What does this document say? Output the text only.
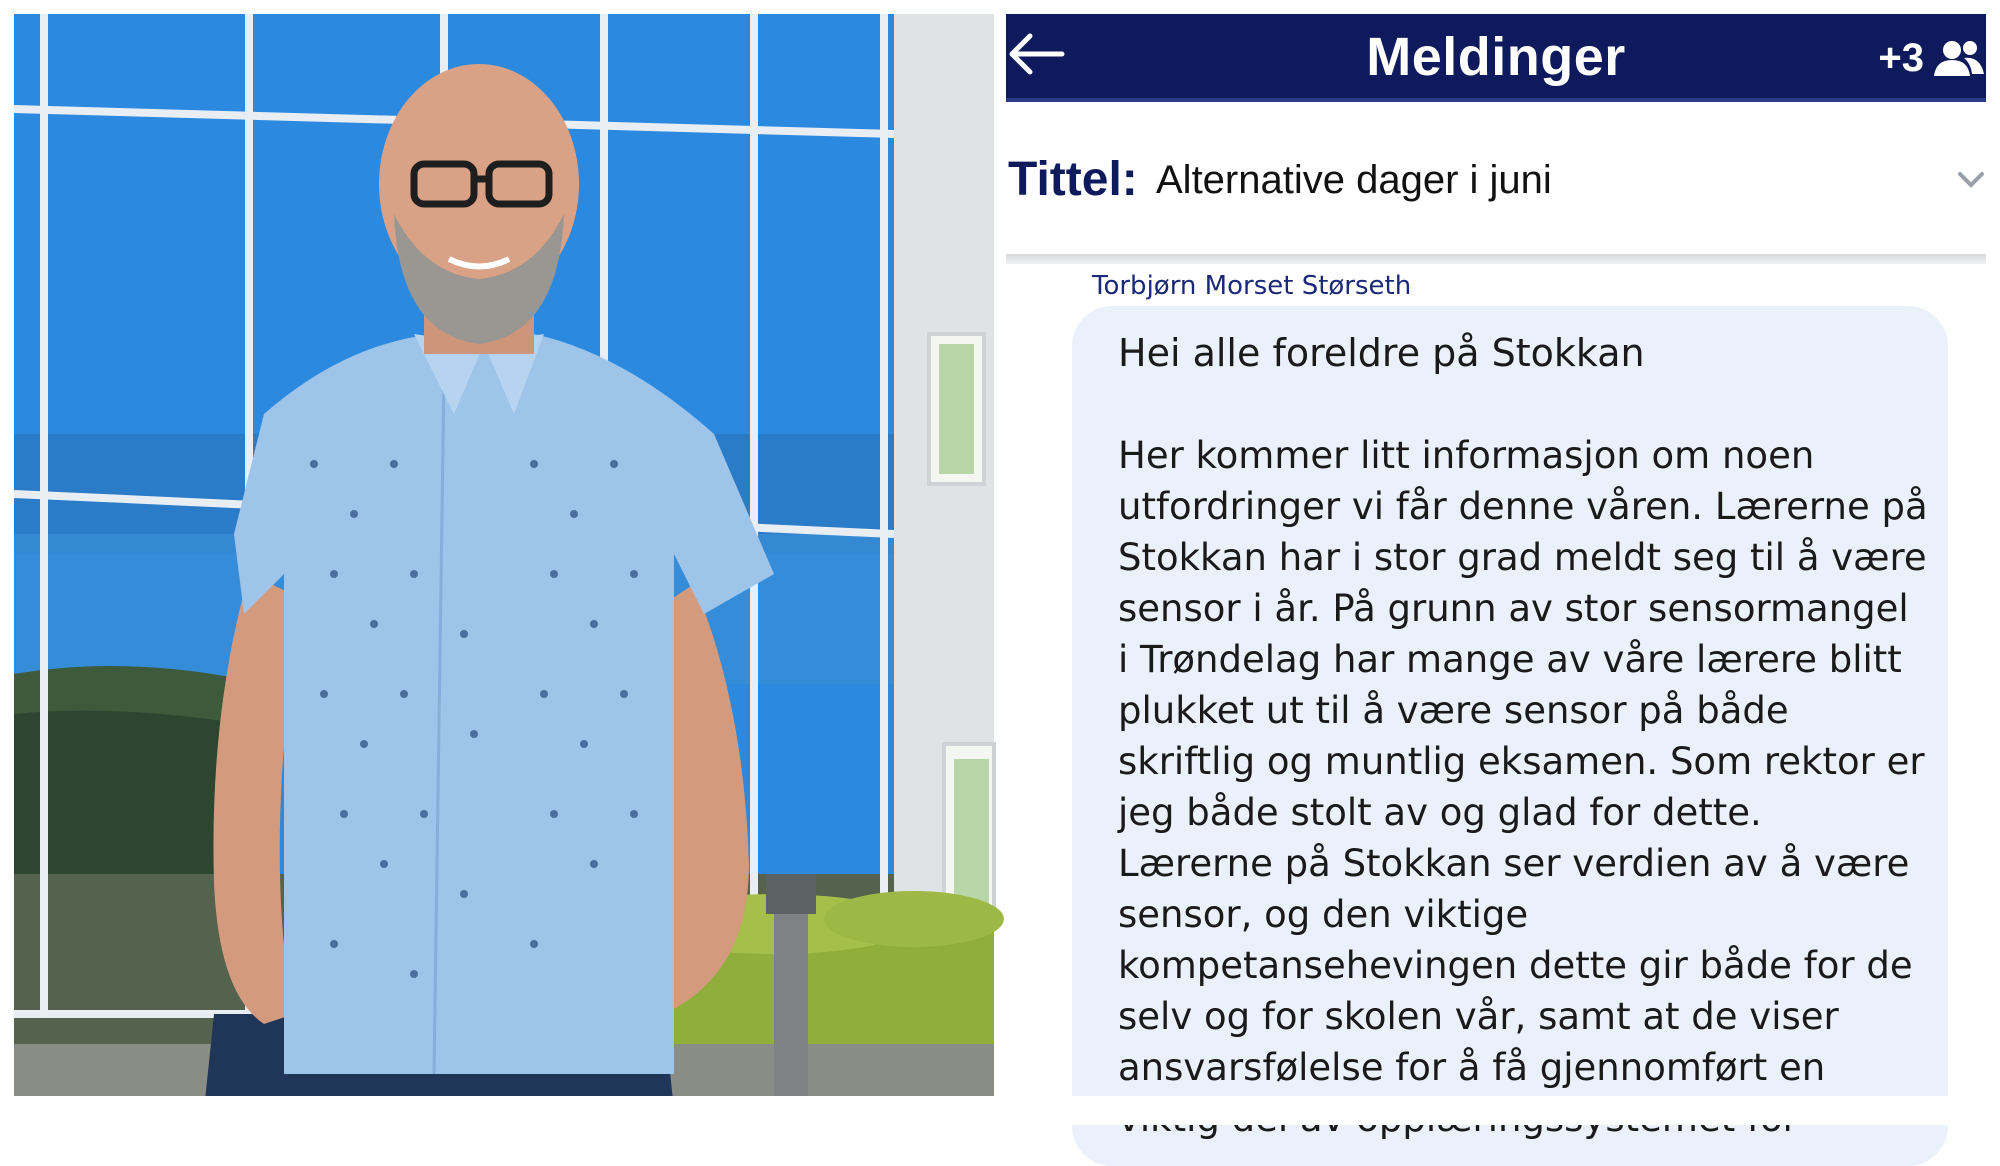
Meldinger	+3
Tittel: Alternative dager i juni
Torbjørn Morset Størseth
Hei alle foreldre på Stokkan

Her kommer litt informasjon om noen utfordringer vi får denne våren. Lærerne på Stokkan har i stor grad meldt seg til å være sensor i år. På grunn av stor sensormangel i Trøndelag har mange av våre lærere blitt plukket ut til å være sensor på både skriftlig og muntlig eksamen. Som rektor er jeg både stolt av og glad for dette. Lærerne på Stokkan ser verdien av å være sensor, og den viktige kompetansehevingen dette gir både for de selv og for skolen vår, samt at de viser ansvarsfølelse for å få gjennomført en
